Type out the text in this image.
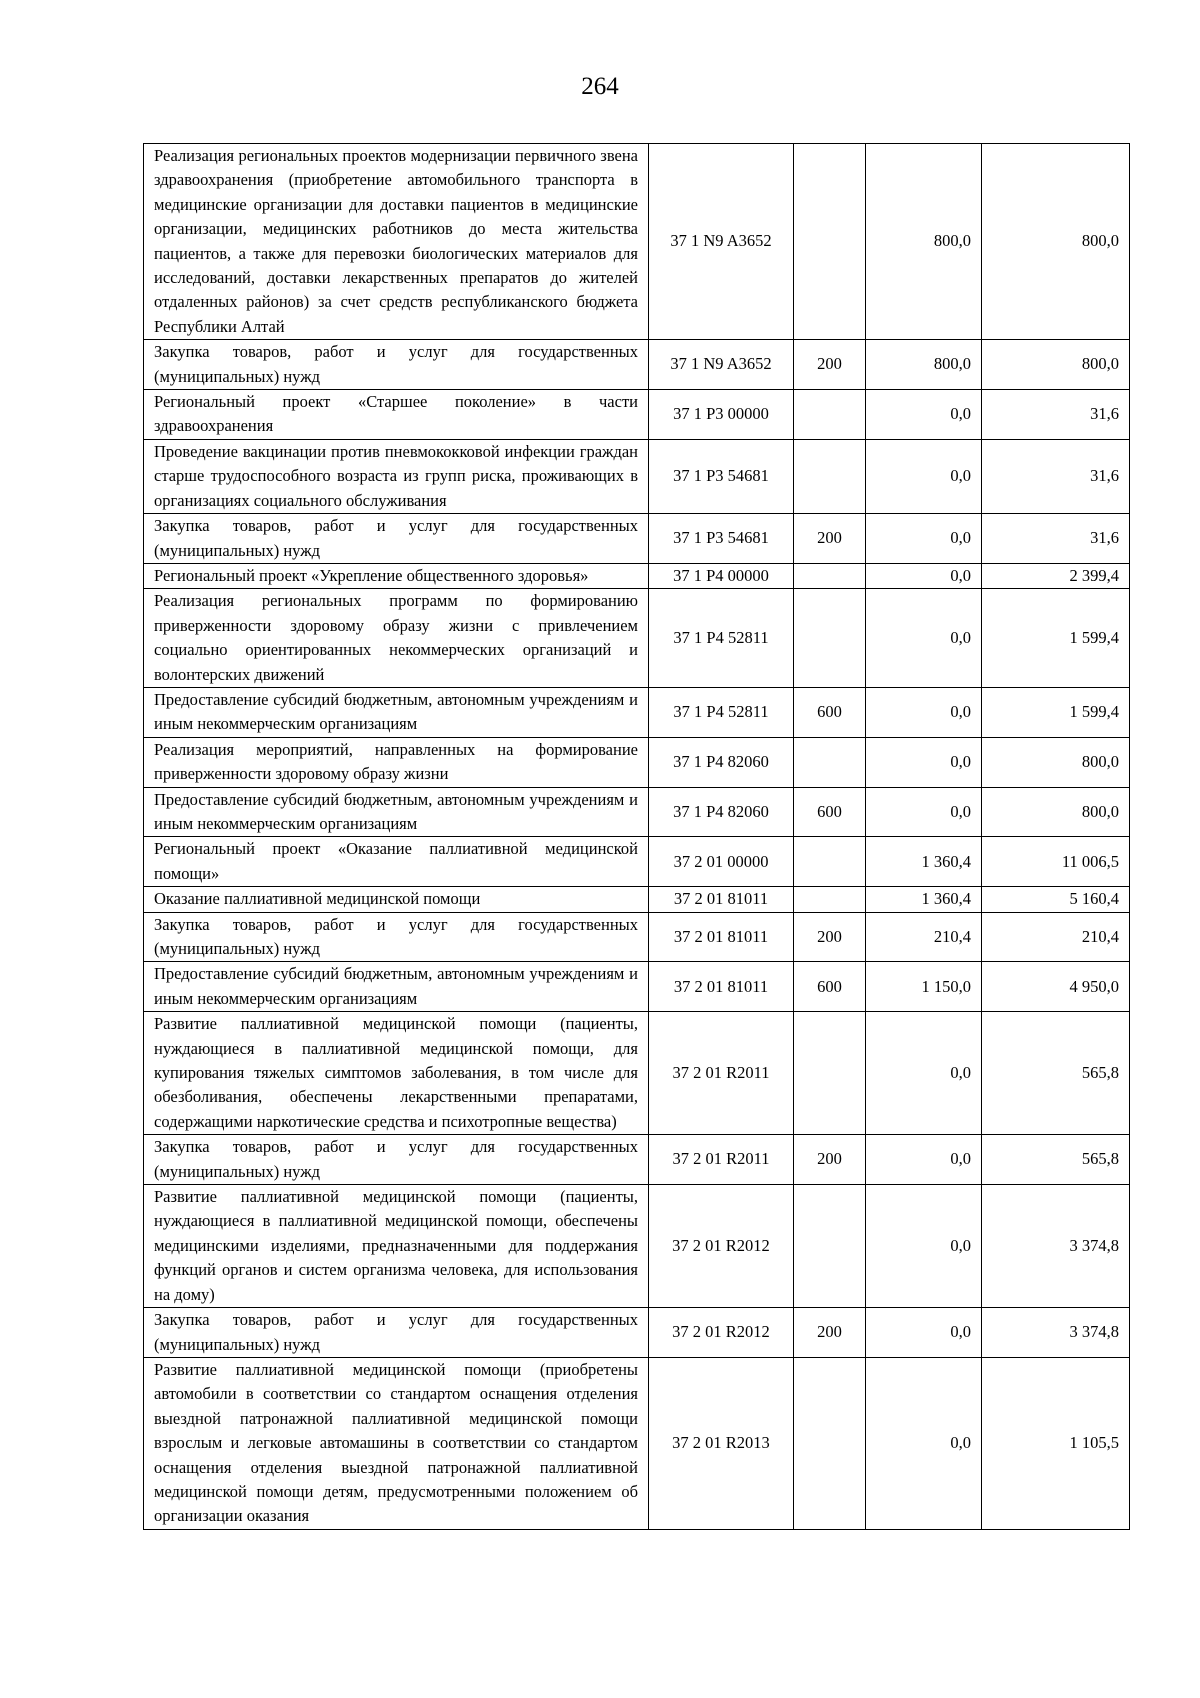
264
Реализация региональных проектов модернизации первичного звена здравоохранения (приобретение автомобильного транспорта в медицинские организации для доставки пациентов в медицинские организации, медицинских работников до места жительства пациентов, а также для перевозки биологических материалов для исследований, доставки лекарственных препаратов до жителей отдаленных районов) за счет средств республиканского бюджета Республики Алтай	37 1 N9 A3652		800,0	800,0
Закупка товаров, работ и услуг для государственных (муниципальных) нужд	37 1 N9 A3652	200	800,0	800,0
Региональный проект «Старшее поколение» в части здравоохранения	37 1 P3 00000		0,0	31,6
Проведение вакцинации против пневмококковой инфекции граждан старше трудоспособного возраста из групп риска, проживающих в организациях социального обслуживания	37 1 P3 54681		0,0	31,6
Закупка товаров, работ и услуг для государственных (муниципальных) нужд	37 1 P3 54681	200	0,0	31,6
Региональный проект «Укрепление общественного здоровья»	37 1 P4 00000		0,0	2 399,4
Реализация региональных программ по формированию приверженности здоровому образу жизни с привлечением социально ориентированных некоммерческих организаций и волонтерских движений	37 1 P4 52811		0,0	1 599,4
Предоставление субсидий бюджетным, автономным учреждениям и иным некоммерческим организациям	37 1 P4 52811	600	0,0	1 599,4
Реализация мероприятий, направленных на формирование приверженности здоровому образу жизни	37 1 P4 82060		0,0	800,0
Предоставление субсидий бюджетным, автономным учреждениям и иным некоммерческим организациям	37 1 P4 82060	600	0,0	800,0
Региональный проект «Оказание паллиативной медицинской помощи»	37 2 01 00000		1 360,4	11 006,5
Оказание паллиативной медицинской помощи	37 2 01 81011		1 360,4	5 160,4
Закупка товаров, работ и услуг для государственных (муниципальных) нужд	37 2 01 81011	200	210,4	210,4
Предоставление субсидий бюджетным, автономным учреждениям и иным некоммерческим организациям	37 2 01 81011	600	1 150,0	4 950,0
Развитие паллиативной медицинской помощи (пациенты, нуждающиеся в паллиативной медицинской помощи, для купирования тяжелых симптомов заболевания, в том числе для обезболивания, обеспечены лекарственными препаратами, содержащими наркотические средства и психотропные вещества)	37 2 01 R2011		0,0	565,8
Закупка товаров, работ и услуг для государственных (муниципальных) нужд	37 2 01 R2011	200	0,0	565,8
Развитие паллиативной медицинской помощи (пациенты, нуждающиеся в паллиативной медицинской помощи, обеспечены медицинскими изделиями, предназначенными для поддержания функций органов и систем организма человека, для использования на дому)	37 2 01 R2012		0,0	3 374,8
Закупка товаров, работ и услуг для государственных (муниципальных) нужд	37 2 01 R2012	200	0,0	3 374,8
Развитие паллиативной медицинской помощи (приобретены автомобили в соответствии со стандартом оснащения отделения выездной патронажной паллиативной медицинской помощи взрослым и легковые автомашины в соответствии со стандартом оснащения отделения выездной патронажной паллиативной медицинской помощи детям, предусмотренными положением об организации оказания	37 2 01 R2013		0,0	1 105,5
